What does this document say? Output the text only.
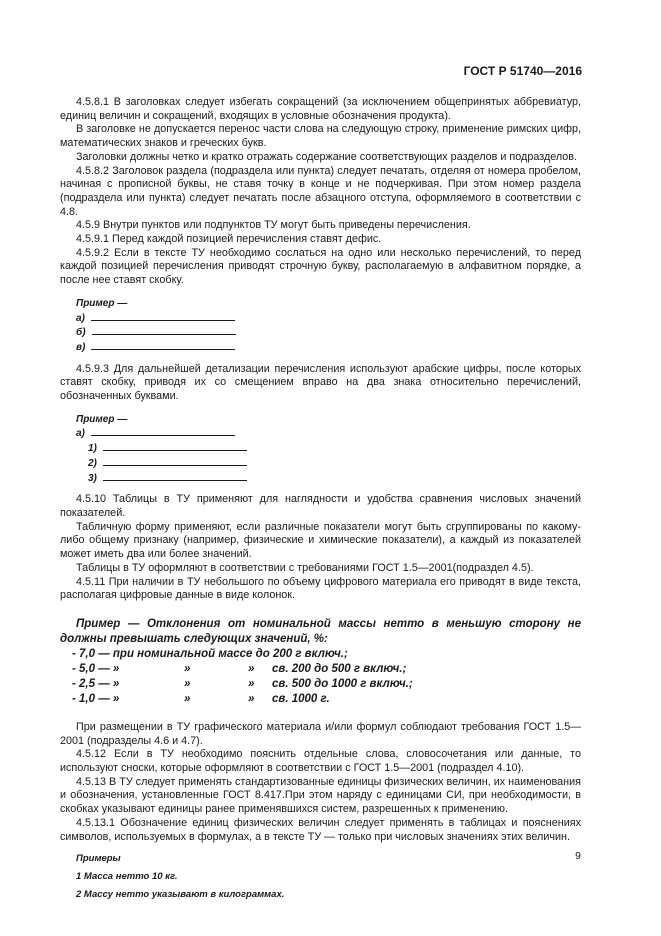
ГОСТ Р 51740—2016

4.5.8.1 В заголовках следует избегать сокращений (за исключением общепринятых аббревиатур, единиц величин и сокращений, входящих в условные обозначения продукта).

В заголовке не допускается перенос части слова на следующую строку, применение римских цифр, математических знаков и греческих букв.

Заголовки должны четко и кратко отражать содержание соответствующих разделов и подразделов.

4.5.8.2 Заголовок раздела (подраздела или пункта) следует печатать, отделяя от номера пробелом, начиная с прописной буквы, не ставя точку в конце и не подчеркивая. При этом номер раздела (подраздела или пункта) следует печатать после абзацного отступа, оформляемого в соответствии с 4.8.

4.5.9 Внутри пунктов или подпунктов ТУ могут быть приведены перечисления.

4.5.9.1 Перед каждой позицией перечисления ставят дефис.

4.5.9.2 Если в тексте ТУ необходимо сослаться на одно или несколько перечислений, то перед каждой позицией перечисления приводят строчную букву, располагаемую в алфавитном порядке, а после нее ставят скобку.

Пример —
а)
б)
в)

4.5.9.3 Для дальнейшей детализации перечисления используют арабские цифры, после которых ставят скобку, приводя их со смещением вправо на два знака относительно перечислений, обозначенных буквами.

Пример —
а)
1)
2)
3)

4.5.10 Таблицы в ТУ применяют для наглядности и удобства сравнения числовых значений показателей.

Табличную форму применяют, если различные показатели могут быть сгруппированы по какому-либо общему признаку (например, физические и химические показатели), а каждый из показателей может иметь два или более значений.

Таблицы в ТУ оформляют в соответствии с требованиями ГОСТ 1.5—2001(подраздел 4.5).

4.5.11 При наличии в ТУ небольшого по объему цифрового материала его приводят в виде текста, располагая цифровые данные в виде колонок.

Пример — Отклонения от номинальной массы нетто в меньшую сторону не должны превышать следующих значений, %:

- 7,0 — при номинальной массе до 200 г включ.;
- 5,0 — »	»	» св. 200 до 500 г включ.;
- 2,5 — »	»	» св. 500 до 1000 г включ.;
- 1,0 — »	»	» св. 1000 г.

При размещении в ТУ графического материала и/или формул соблюдают требования ГОСТ 1.5—2001 (подразделы 4.6 и 4.7).

4.5.12 Если в ТУ необходимо пояснить отдельные слова, словосочетания или данные, то используют сноски, которые оформляют в соответствии с ГОСТ 1.5—2001 (подраздел 4.10).

4.5.13 В ТУ следует применять стандартизованные единицы физических величин, их наименования и обозначения, установленные ГОСТ 8.417.При этом наряду с единицами СИ, при необходимости, в скобках указывают единицы ранее применявшихся систем, разрешенных к применению.

4.5.13.1 Обозначение единиц физических величин следует применять в таблицах и пояснениях символов, используемых в формулах, а в тексте ТУ — только при числовых значениях этих величин.

Примеры
1 Масса нетто 10 кг.
2 Массу нетто указывают в килограммах.
9
